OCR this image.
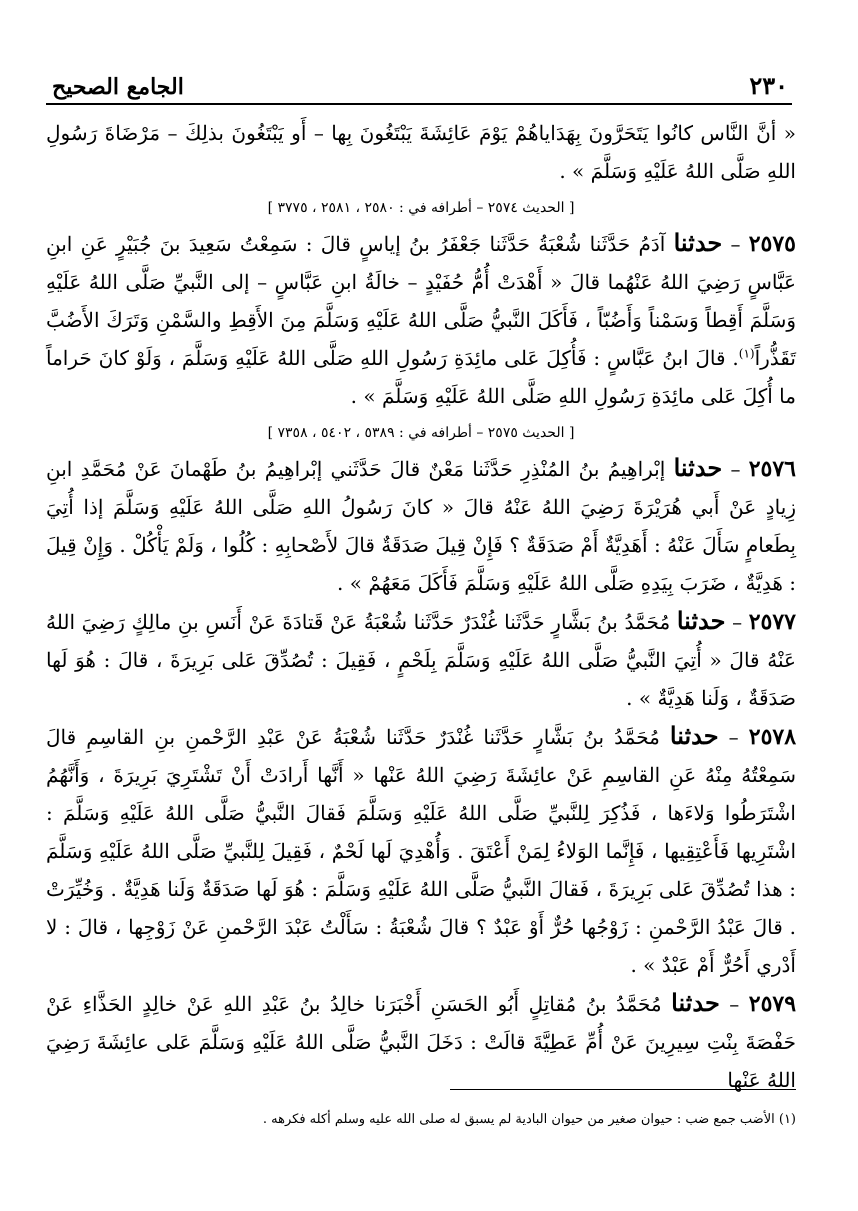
٢٣٠
الجامع الصحيح

« أنَّ النَّاس كانُوا يَتَحَرَّونَ بِهَدَاياهُمْ يَوْمَ عَائِشَةَ يَبْتَغُونَ بِها – أَو يَبْتَغُونَ بذلِكَ – مَرْضَاةَ رَسُولِ اللهِ صَلَّى اللهُ عَلَيْهِ وَسَلَّمَ » .

[ الحديث ٢٥٧٤ – أطرافه في : ٢٥٨٠ ، ٢٥٨١ ، ٣٧٧٥ ]

٢٥٧٥ – حدثنا آدَمُ حَدَّثَنا شُعْبَةُ حَدَّثَنا جَعْفَرُ بنُ إياسٍ قالَ : سَمِعْتُ سَعِيدَ بنَ جُبَيْرٍ عَنِ ابنِ عَبَّاسٍ رَضِيَ اللهُ عَنْهُما قالَ « أَهْدَتْ أُمُّ حُفَيْدٍ – خالَةُ ابنِ عَبَّاسٍ – إلى النَّبيِّ صَلَّى اللهُ عَلَيْهِ وَسَلَّمَ أَقِطاً وَسَمْناً وَأَضُبّاً ، فَأَكَلَ النَّبيُّ صَلَّى اللهُ عَلَيْهِ وَسَلَّمَ مِنَ الأَقِطِ والسَّمْنِ وَتَرَكَ الأَضُبَّ تَقَذُّراً$^{(١)}$. قالَ ابنُ عَبَّاسٍ : فَأُكِلَ عَلى مائِدَةِ رَسُولِ اللهِ صَلَّى اللهُ عَلَيْهِ وَسَلَّمَ ، وَلَوْ كانَ حَراماً ما أُكِلَ عَلى مائِدَةِ رَسُولِ اللهِ صَلَّى اللهُ عَلَيْهِ وَسَلَّمَ » .

[ الحديث ٢٥٧٥ – أطرافه في : ٥٣٨٩ ، ٥٤٠٢ ، ٧٣٥٨ ]

٢٥٧٦ – حدثنا إبْراهِيمُ بنُ المُنْذِرِ حَدَّثَنا مَعْنٌ قالَ حَدَّثَني إبْراهِيمُ بنُ طَهْمانَ عَنْ مُحَمَّدِ ابنِ زِيادٍ عَنْ أَبي هُرَيْرَةَ رَضِيَ اللهُ عَنْهُ قالَ « كانَ رَسُولُ اللهِ صَلَّى اللهُ عَلَيْهِ وَسَلَّمَ إذا أُتِيَ بِطَعامٍ سَأَلَ عَنْهُ : أَهَدِيَّةٌ أَمْ صَدَقَةٌ ؟ فَإِنْ قِيلَ صَدَقَةٌ قالَ لأَصْحابِهِ : كُلُوا ، وَلَمْ يَأْكُلْ . وَإِنْ قِيلَ : هَدِيَّةٌ ، ضَرَبَ بِيَدِهِ صَلَّى اللهُ عَلَيْهِ وَسَلَّمَ فَأَكَلَ مَعَهُمْ » .

٢٥٧٧ – حدثنا مُحَمَّدُ بنُ بَشَّارٍ حَدَّثَنا غُنْدَرٌ حَدَّثَنا شُعْبَةُ عَنْ قَتادَةَ عَنْ أَنَسِ بنِ مالِكٍ رَضِيَ اللهُ عَنْهُ قالَ « أُتِيَ النَّبيُّ صَلَّى اللهُ عَلَيْهِ وَسَلَّمَ بِلَحْمٍ ، فَقِيلَ : تُصُدِّقَ عَلى بَرِيرَةَ ، قالَ : هُوَ لَها صَدَقَةٌ ، وَلَنا هَدِيَّةٌ » .

٢٥٧٨ – حدثنا مُحَمَّدُ بنُ بَشَّارٍ حَدَّثَنا غُنْدَرٌ حَدَّثَنا شُعْبَةُ عَنْ عَبْدِ الرَّحْمنِ بنِ القاسِمِ قالَ سَمِعْتُهُ مِنْهُ عَنِ القاسِمِ عَنْ عائِشَةَ رَضِيَ اللهُ عَنْها « أَنَّها أَرادَتْ أَنْ تَشْتَرِيَ بَرِيرَةَ ، وَأَنَّهُمُ اشْتَرَطُوا وَلاءَها ، فَذُكِرَ لِلنَّبيِّ صَلَّى اللهُ عَلَيْهِ وَسَلَّمَ فَقالَ النَّبيُّ صَلَّى اللهُ عَلَيْهِ وَسَلَّمَ : اشْتَرِيها فَأَعْتِقِيها ، فَإِنَّما الوَلاءُ لِمَنْ أَعْتَقَ . وَأُهْدِيَ لَها لَحْمٌ ، فَقِيلَ لِلنَّبيِّ صَلَّى اللهُ عَلَيْهِ وَسَلَّمَ : هذا تُصُدِّقَ عَلى بَرِيرَةَ ، فَقالَ النَّبيُّ صَلَّى اللهُ عَلَيْهِ وَسَلَّمَ : هُوَ لَها صَدَقَةٌ وَلَنا هَدِيَّةٌ . وَخُيِّرَتْ . قالَ عَبْدُ الرَّحْمنِ : زَوْجُها حُرٌّ أَوْ عَبْدٌ ؟ قالَ شُعْبَةُ : سَأَلْتُ عَبْدَ الرَّحْمنِ عَنْ زَوْجِها ، قالَ : لا أَدْري أَحُرٌّ أَمْ عَبْدٌ » .

٢٥٧٩ – حدثنا مُحَمَّدُ بنُ مُقاتِلٍ أَبُو الحَسَنِ أَخْبَرَنا خالِدُ بنُ عَبْدِ اللهِ عَنْ خالِدٍ الحَذَّاءِ عَنْ حَفْصَةَ بِنْتِ سِيرِينَ عَنْ أُمِّ عَطِيَّةَ قالَتْ : دَخَلَ النَّبيُّ صَلَّى اللهُ عَلَيْهِ وَسَلَّمَ عَلى عائِشَةَ رَضِيَ اللهُ عَنْها

(١) الأضب جمع ضب : حيوان صغير من حيوان البادية لم يسبق له صلى الله عليه وسلم أكله فكرهه .
